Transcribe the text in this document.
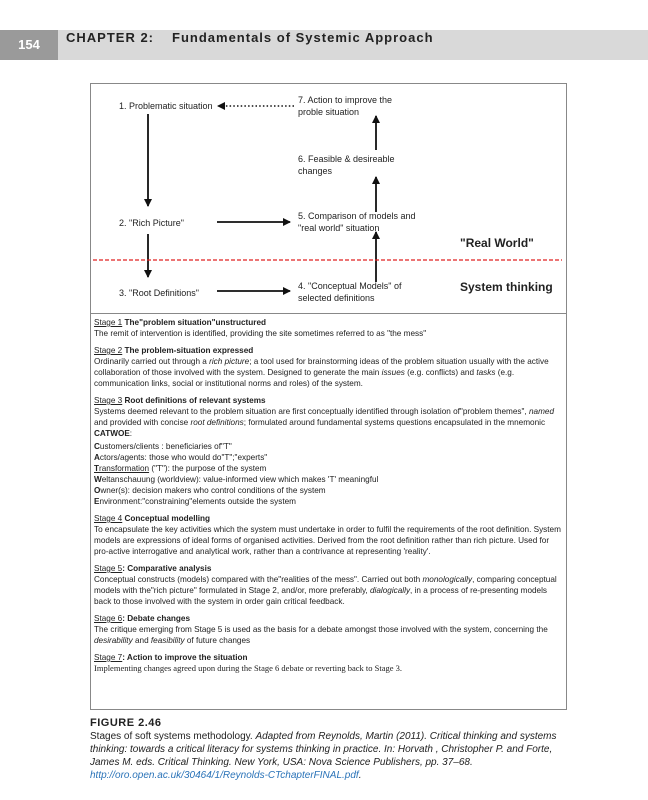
154	CHAPTER 2: Fundamentals of Systemic Approach
1. Problematic situation
2. "Rich Picture"
3. "Root Definitions"
4. "Conceptual Models" of
selected definitions
5. Comparison of models and
"real world" situation
6. Feasible & desireable
changes
7. Action to improve the
proble situation
"Real World"
System thinking
Stage 1 The"problem situation"unstructured
The remit of intervention is identified, providing the site sometimes referred to as "the mess"
Stage 2 The problem-situation expressed
Ordinarily carried out through a rich picture; a tool used for brainstorming ideas of the problem situation usually with the active collaboration of those involved with the system. Designed to generate the main issues (e.g. conflicts) and tasks (e.g. communication links, social or institutional norms and roles) of the system.
Stage 3 Root definitions of relevant systems
Systems deemed relevant to the problem situation are first conceptually identified through isolation of"problem themes", named and provided with concise root definitions; formulated around fundamental systems questions encapsulated in the mnemonic CATWOE:

Customers/clients : beneficiaries of"T"

Actors/agents: those who would do"T";"experts"

Transformation ("T"): the purpose of the system

Weltanschauung (worldview): value-informed view which makes 'T' meaningful

Owner(s): decision makers who control conditions of the system

Environment:"constraining"elements outside the system

Stage 4 Conceptual modelling
To encapsulate the key activities which the system must undertake in order to fulfil the requirements of the root definition. System models are expressions of ideal forms of organised activities. Derived from the root definition rather than rich picture. Used for pro-active interrogative and analytical work, rather than a contrivance at representing 'reality'.
Stage 5: Comparative analysis
Conceptual constructs (models) compared with the"realities of the mess". Carried out both monologically, comparing conceptual models with the"rich picture" formulated in Stage 2, and/or, more preferably, dialogically, in a process of re-presenting models back to those involved with the system in order gain critical feedback.
Stage 6: Debate changes
The critique emerging from Stage 5 is used as the basis for a debate amongst those involved with the system, concerning the desirability and feasibility of future changes
Stage 7: Action to improve the situation
Implementing changes agreed upon during the Stage 6 debate or reverting back to Stage 3.
FIGURE 2.46
Stages of soft systems methodology. Adapted from Reynolds, Martin (2011). Critical thinking and systems thinking: towards a critical literacy for systems thinking in practice. In: Horvath , Christopher P. and Forte, James M. eds. Critical Thinking. New York, USA: Nova Science Publishers, pp. 37–68. http://oro.open.ac.uk/30464/1/Reynolds-CTchapterFINAL.pdf.
